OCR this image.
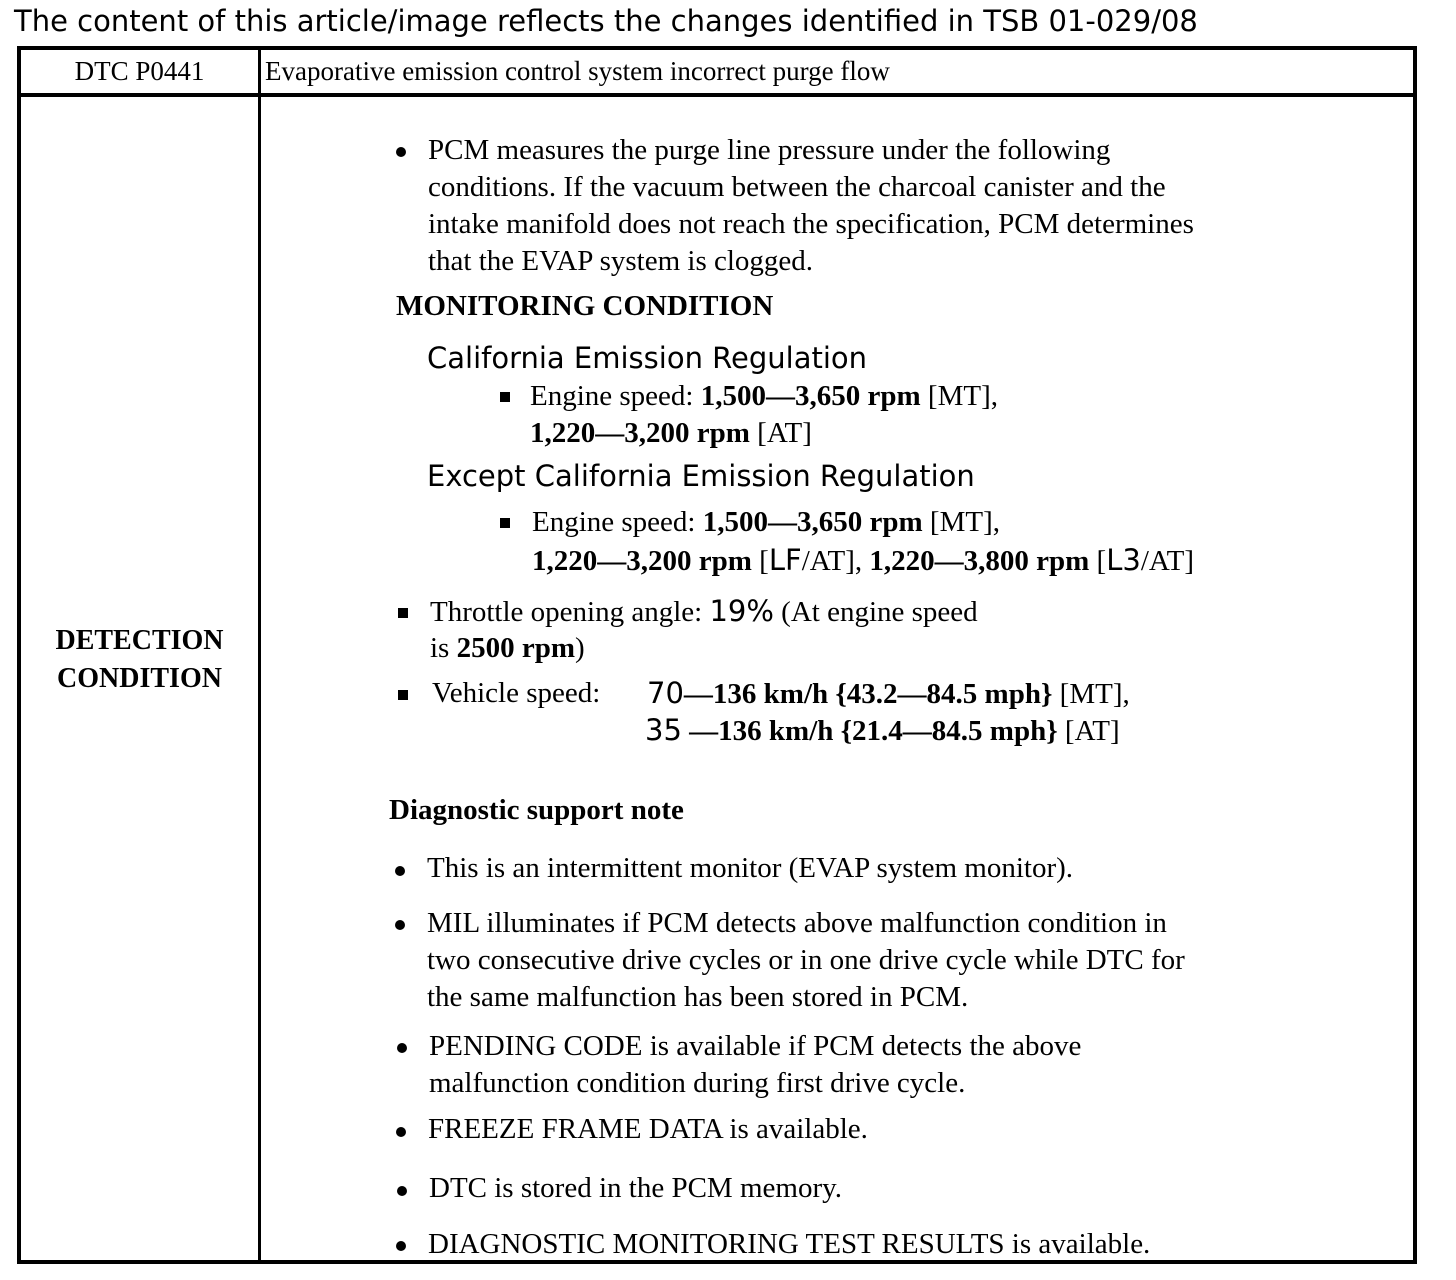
The content of this article/image reflects the changes identified in TSB 01-029/08
DTC P0441	Evaporative emission control system incorrect purge flow
DETECTION
CONDITION
PCM measures the purge line pressure under the following
conditions. If the vacuum between the charcoal canister and the
intake manifold does not reach the specification, PCM determines
that the EVAP system is clogged.
MONITORING CONDITION
California Emission Regulation
Engine speed: 1,500—3,650 rpm [MT],
1,220—3,200 rpm [AT]
Except California Emission Regulation
Engine speed: 1,500—3,650 rpm [MT],
1,220—3,200 rpm [LF/AT], 1,220—3,800 rpm [L3/AT]
Throttle opening angle: 19% (At engine speed
is 2500 rpm)
Vehicle speed: 70—136 km/h {43.2—84.5 mph} [MT],
35 —136 km/h {21.4—84.5 mph} [AT]
Diagnostic support note
This is an intermittent monitor (EVAP system monitor).
MIL illuminates if PCM detects above malfunction condition in
two consecutive drive cycles or in one drive cycle while DTC for
the same malfunction has been stored in PCM.
PENDING CODE is available if PCM detects the above
malfunction condition during first drive cycle.
FREEZE FRAME DATA is available.
DTC is stored in the PCM memory.
DIAGNOSTIC MONITORING TEST RESULTS is available.
